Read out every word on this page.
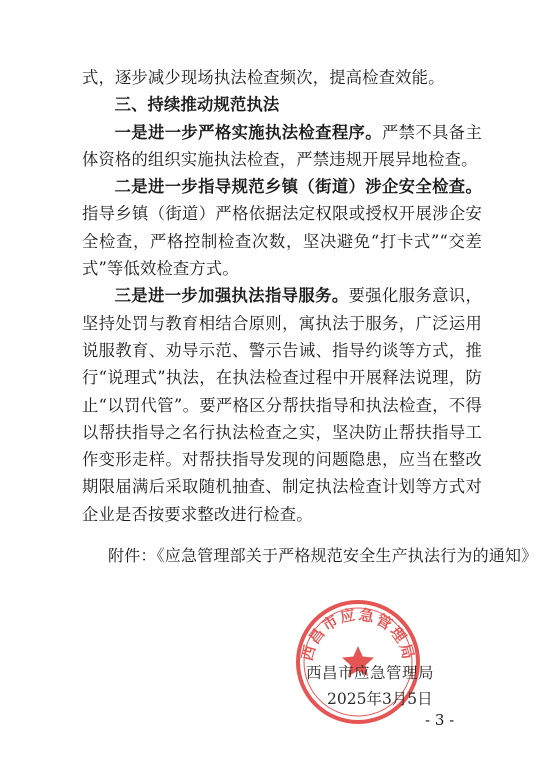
式，逐步减少现场执法检查频次，提高检查效能。

三、持续推动规范执法

一是进一步严格实施执法检查程序。严禁不具备主体资格的组织实施执法检查，严禁违规开展异地检查。

二是进一步指导规范乡镇（街道）涉企安全检查。指导乡镇（街道）严格依据法定权限或授权开展涉企安全检查，严格控制检查次数，坚决避免“打卡式”“交差式”等低效检查方式。

三是进一步加强执法指导服务。要强化服务意识，坚持处罚与教育相结合原则，寓执法于服务，广泛运用说服教育、劝导示范、警示告诫、指导约谈等方式，推行“说理式”执法，在执法检查过程中开展释法说理，防止“以罚代管”。要严格区分帮扶指导和执法检查，不得以帮扶指导之名行执法检查之实，坚决防止帮扶指导工作变形走样。对帮扶指导发现的问题隐患，应当在整改期限届满后采取随机抽查、制定执法检查计划等方式对企业是否按要求整改进行检查。

附件：《应急管理部关于严格规范安全生产执法行为的通知》
西昌市应急管理局
西昌市应急管理局
2025年3月5日
- 3 -
